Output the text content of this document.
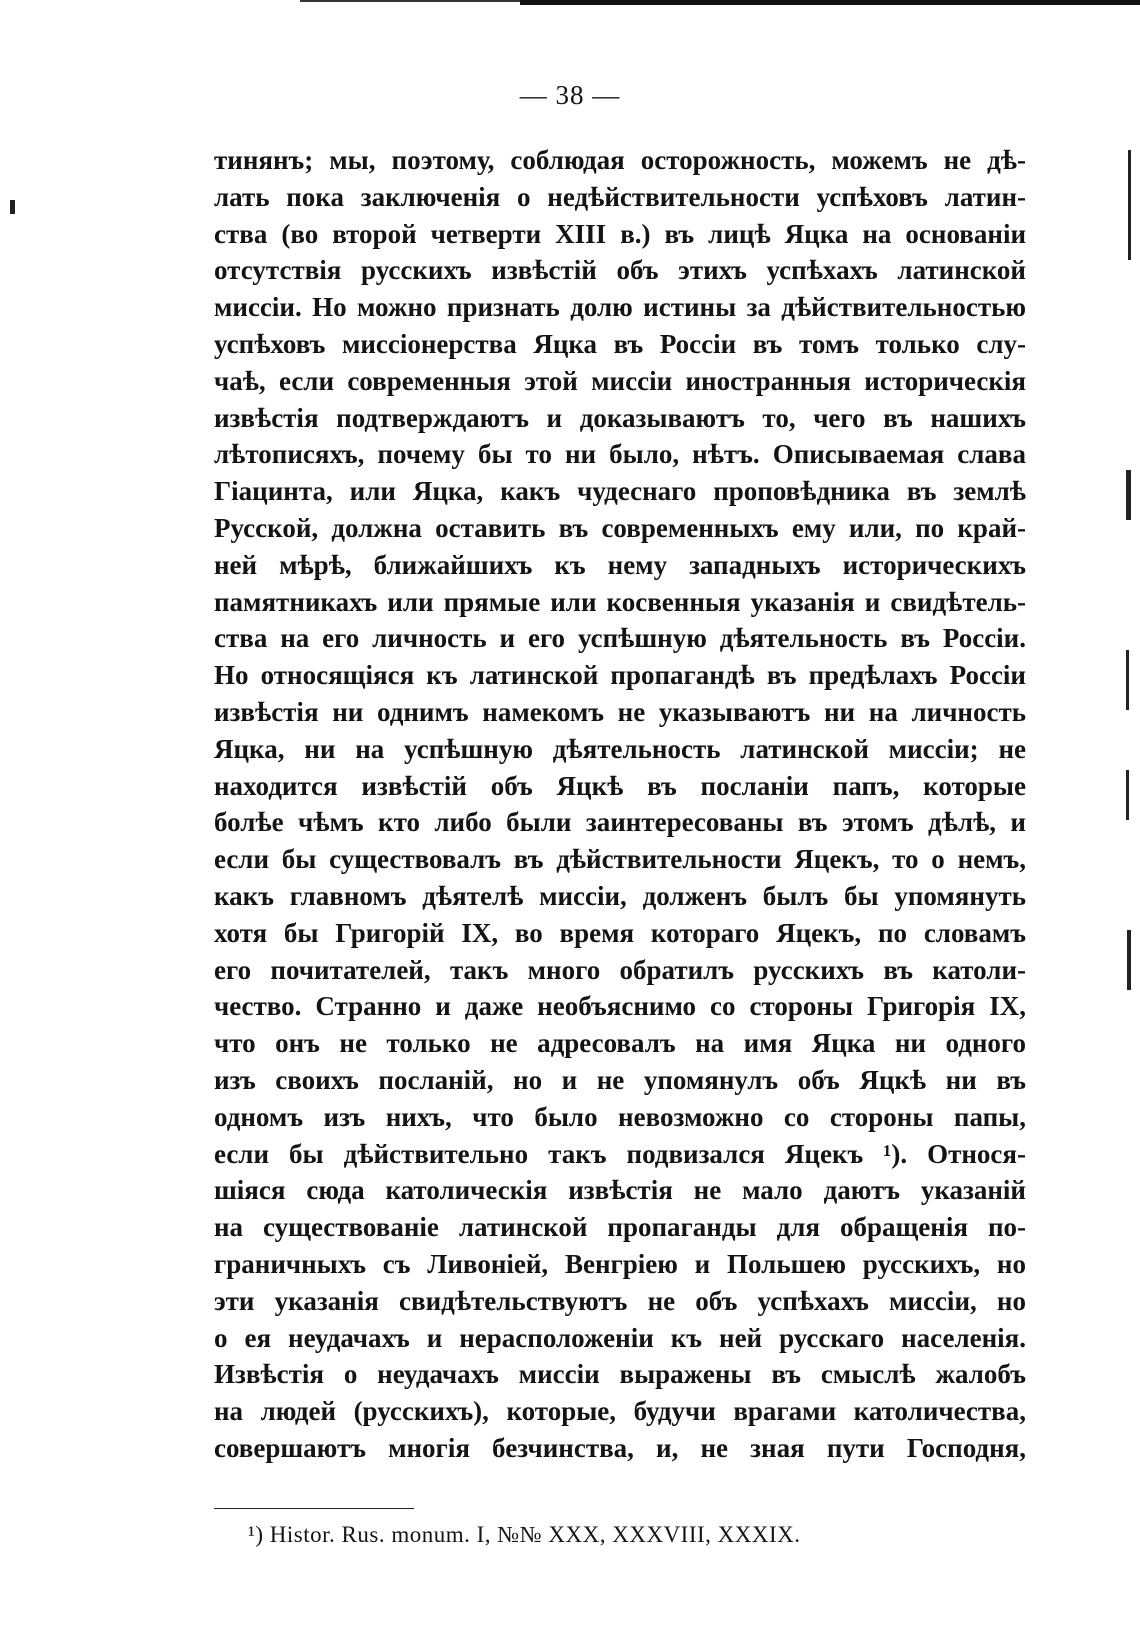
— 38 —
тинянъ; мы, поэтому, соблюдая осторожность, можемъ не дѣ-
лать пока заключенія о недѣйствительности успѣховъ латин-
ства (во второй четверти XIII в.) въ лицѣ Яцка на основаніи
отсутствія русскихъ извѣстій объ этихъ успѣхахъ латинской
миссіи. Но можно признать долю истины за дѣйствительностью
успѣховъ миссіонерства Яцка въ Россіи въ томъ только слу-
чаѣ, если современныя этой миссіи иностранныя историческія
извѣстія подтверждаютъ и доказываютъ то, чего въ нашихъ
лѣтописяхъ, почему бы то ни было, нѣтъ. Описываемая слава
Гіацинта, или Яцка, какъ чудеснаго проповѣдника въ землѣ
Русской, должна оставить въ современныхъ ему или, по край-
ней мѣрѣ, ближайшихъ къ нему западныхъ историческихъ
памятникахъ или прямые или косвенныя указанія и свидѣтель-
ства на его личность и его успѣшную дѣятельность въ Россіи.
Но относящіяся къ латинской пропагандѣ въ предѣлахъ Россіи
извѣстія ни однимъ намекомъ не указываютъ ни на личность
Яцка, ни на успѣшную дѣятельность латинской миссіи; не
находится извѣстій объ Яцкѣ въ посланіи папъ, которые
болѣе чѣмъ кто либо были заинтересованы въ этомъ дѣлѣ, и
если бы существовалъ въ дѣйствительности Яцекъ, то о немъ,
какъ главномъ дѣятелѣ миссіи, долженъ былъ бы упомянуть
хотя бы Григорій IX, во время котораго Яцекъ, по словамъ
его почитателей, такъ много обратилъ русскихъ въ католи-
чество. Странно и даже необъяснимо со стороны Григорія IX,
что онъ не только не адресовалъ на имя Яцка ни одного
изъ своихъ посланій, но и не упомянулъ объ Яцкѣ ни въ
одномъ изъ нихъ, что было невозможно со стороны папы,
если бы дѣйствительно такъ подвизался Яцекъ ¹). Относя-
шіяся сюда католическія извѣстія не мало даютъ указаній
на существованіе латинской пропаганды для обращенія по-
граничныхъ съ Ливоніей, Венгріею и Польшею русскихъ, но
эти указанія свидѣтельствуютъ не объ успѣхахъ миссіи, но
о ея неудачахъ и нерасположеніи къ ней русскаго населенія.
Извѣстія о неудачахъ миссіи выражены въ смыслѣ жалобъ
на людей (русскихъ), которые, будучи врагами католичества,
совершаютъ многія безчинства, и, не зная пути Господня,
¹) Histor. Rus. monum. I, №№ XXX, XXXVIII, XXXIX.
